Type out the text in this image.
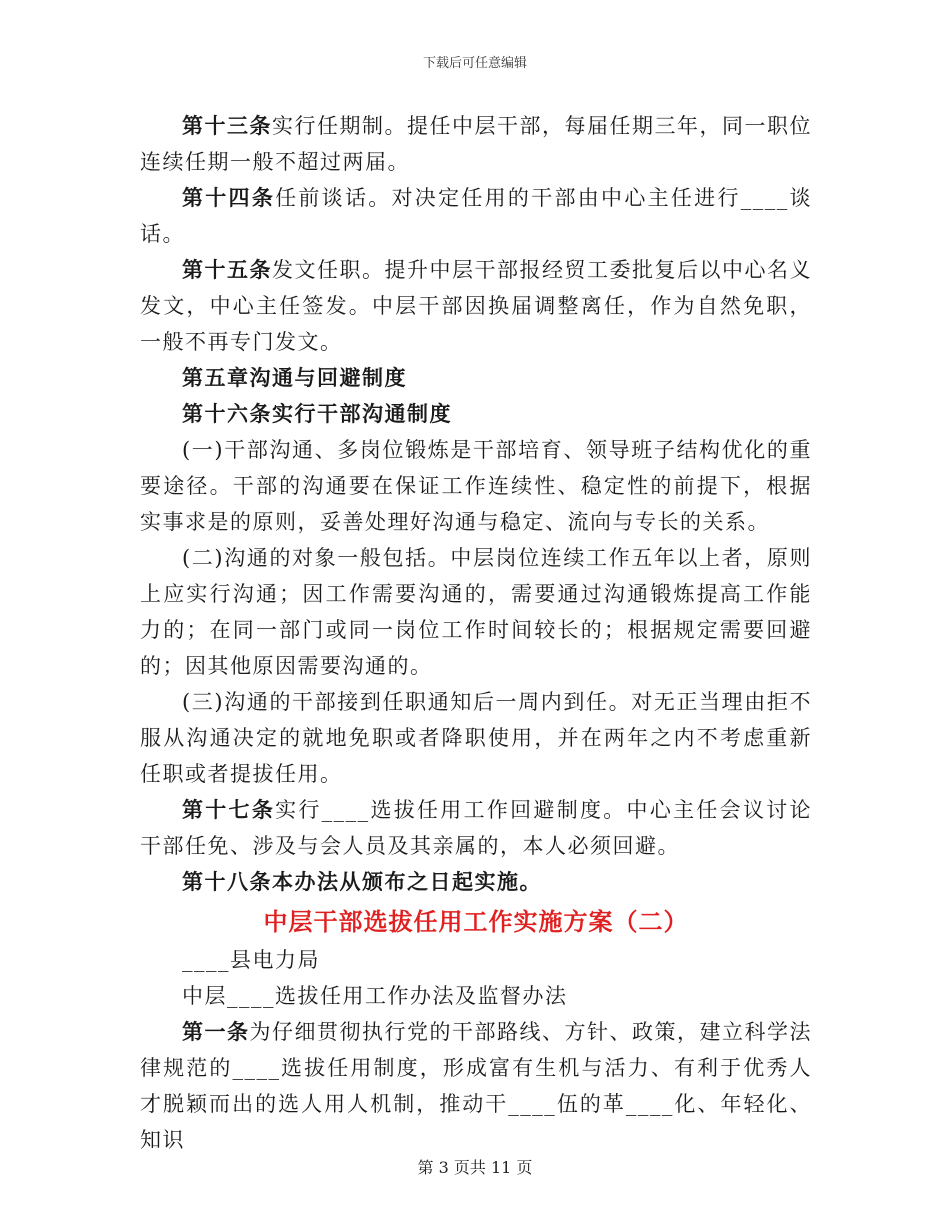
下载后可任意编辑
第十三条实行任期制。提任中层干部，每届任期三年，同一职位连续任期一般不超过两届。
第十四条任前谈话。对决定任用的干部由中心主任进行____谈话。
第十五条发文任职。提升中层干部报经贸工委批复后以中心名义发文，中心主任签发。中层干部因换届调整离任，作为自然免职，一般不再专门发文。
第五章沟通与回避制度
第十六条实行干部沟通制度
(一)干部沟通、多岗位锻炼是干部培育、领导班子结构优化的重要途径。干部的沟通要在保证工作连续性、稳定性的前提下，根据实事求是的原则，妥善处理好沟通与稳定、流向与专长的关系。
(二)沟通的对象一般包括。中层岗位连续工作五年以上者，原则上应实行沟通；因工作需要沟通的，需要通过沟通锻炼提高工作能力的；在同一部门或同一岗位工作时间较长的；根据规定需要回避的；因其他原因需要沟通的。
(三)沟通的干部接到任职通知后一周内到任。对无正当理由拒不服从沟通决定的就地免职或者降职使用，并在两年之内不考虑重新任职或者提拔任用。
第十七条实行____选拔任用工作回避制度。中心主任会议讨论干部任免、涉及与会人员及其亲属的，本人必须回避。
第十八条本办法从颁布之日起实施。
中层干部选拔任用工作实施方案（二）
____县电力局
中层____选拔任用工作办法及监督办法
第一条为仔细贯彻执行党的干部路线、方针、政策，建立科学法律规范的____选拔任用制度，形成富有生机与活力、有利于优秀人才脱颖而出的选人用人机制，推动干____伍的革____化、年轻化、知识
第 3 页共 11 页
